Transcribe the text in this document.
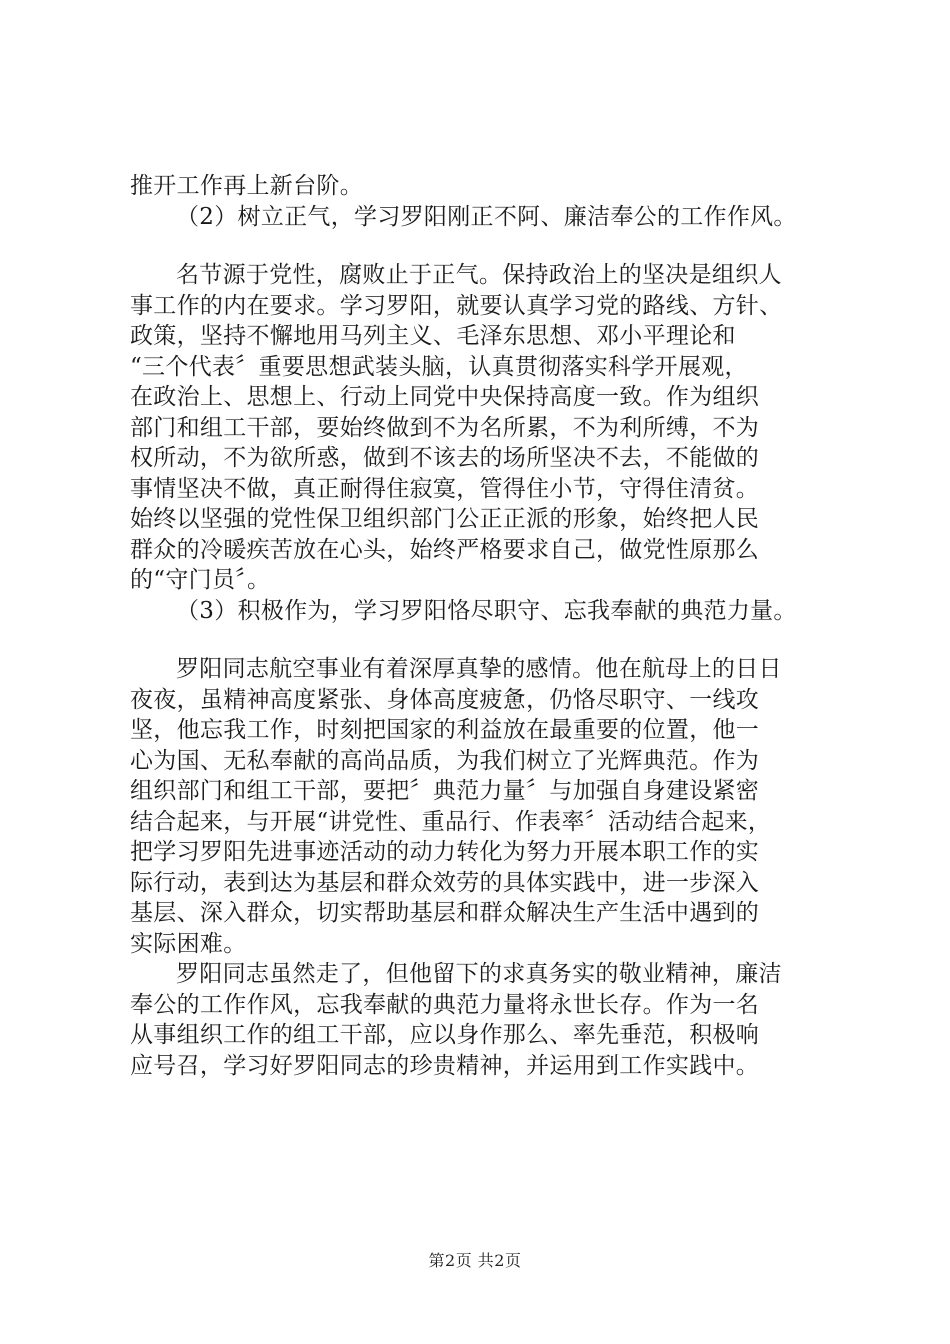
推开工作再上新台阶。
（2）树立正气，学习罗阳刚正不阿、廉洁奉公的工作作风。
名节源于党性，腐败止于正气。保持政治上的坚决是组织人
事工作的内在要求。学习罗阳，就要认真学习党的路线、方针、
政策，坚持不懈地用马列主义、毛泽东思想、邓小平理论和
“三个代表〞重要思想武装头脑，认真贯彻落实科学开展观，
在政治上、思想上、行动上同党中央保持高度一致。作为组织
部门和组工干部，要始终做到不为名所累，不为利所缚，不为
权所动，不为欲所惑，做到不该去的场所坚决不去，不能做的
事情坚决不做，真正耐得住寂寞，管得住小节，守得住清贫。
始终以坚强的党性保卫组织部门公正正派的形象，始终把人民
群众的冷暖疾苦放在心头，始终严格要求自己，做党性原那么
的“守门员〞。
（3）积极作为，学习罗阳恪尽职守、忘我奉献的典范力量。
罗阳同志航空事业有着深厚真挚的感情。他在航母上的日日
夜夜，虽精神高度紧张、身体高度疲惫，仍恪尽职守、一线攻
坚，他忘我工作，时刻把国家的利益放在最重要的位置，他一
心为国、无私奉献的高尚品质，为我们树立了光辉典范。作为
组织部门和组工干部，要把〞典范力量〞与加强自身建设紧密
结合起来，与开展“讲党性、重品行、作表率〞活动结合起来，
把学习罗阳先进事迹活动的动力转化为努力开展本职工作的实
际行动，表到达为基层和群众效劳的具体实践中，进一步深入
基层、深入群众，切实帮助基层和群众解决生产生活中遇到的
实际困难。
罗阳同志虽然走了，但他留下的求真务实的敬业精神，廉洁
奉公的工作作风，忘我奉献的典范力量将永世长存。作为一名
从事组织工作的组工干部，应以身作那么、率先垂范，积极响
应号召，学习好罗阳同志的珍贵精神，并运用到工作实践中。
第2页 共2页
